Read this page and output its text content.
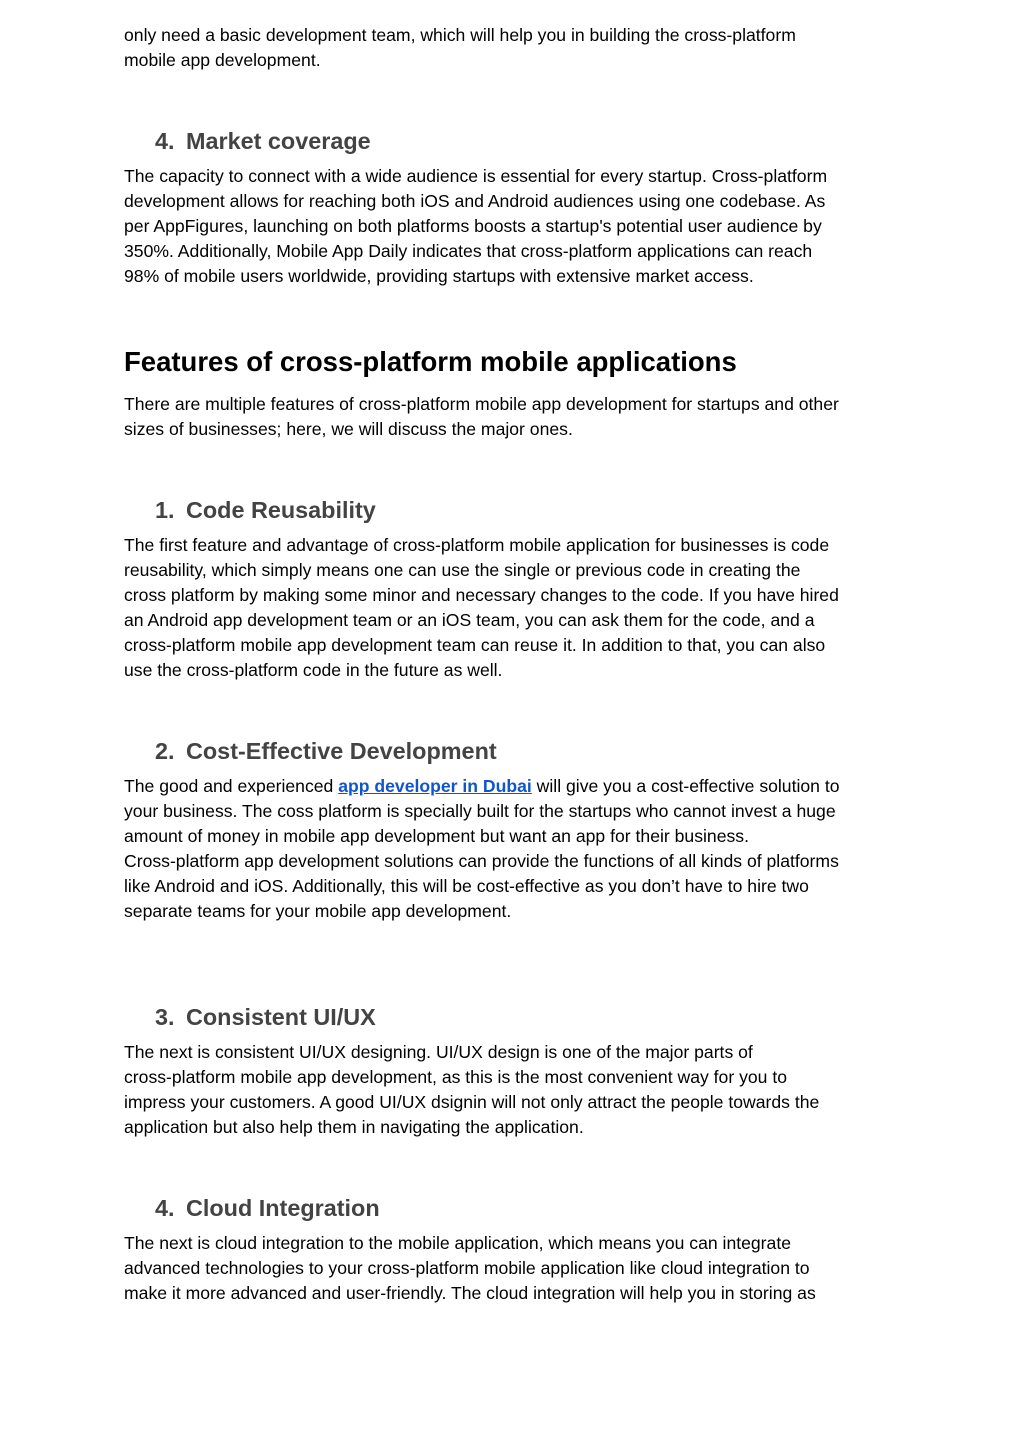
only need a basic development team, which will help you in building the cross-platform
mobile app development.

4. Market coverage

The capacity to connect with a wide audience is essential for every startup. Cross-platform
development allows for reaching both iOS and Android audiences using one codebase. As
per AppFigures, launching on both platforms boosts a startup's potential user audience by
350%. Additionally, Mobile App Daily indicates that cross-platform applications can reach
98% of mobile users worldwide, providing startups with extensive market access.

Features of cross-platform mobile applications

There are multiple features of cross-platform mobile app development for startups and other
sizes of businesses; here, we will discuss the major ones.

1. Code Reusability

The first feature and advantage of cross-platform mobile application for businesses is code
reusability, which simply means one can use the single or previous code in creating the
cross platform by making some minor and necessary changes to the code. If you have hired
an Android app development team or an iOS team, you can ask them for the code, and a
cross-platform mobile app development team can reuse it. In addition to that, you can also
use the cross-platform code in the future as well.

2. Cost-Effective Development

The good and experienced app developer in Dubai will give you a cost-effective solution to
your business. The coss platform is specially built for the startups who cannot invest a huge
amount of money in mobile app development but want an app for their business.
Cross-platform app development solutions can provide the functions of all kinds of platforms
like Android and iOS. Additionally, this will be cost-effective as you don’t have to hire two
separate teams for your mobile app development.

3. Consistent UI/UX

The next is consistent UI/UX designing. UI/UX design is one of the major parts of
cross-platform mobile app development, as this is the most convenient way for you to
impress your customers. A good UI/UX dsignin will not only attract the people towards the
application but also help them in navigating the application.

4. Cloud Integration

The next is cloud integration to the mobile application, which means you can integrate
advanced technologies to your cross-platform mobile application like cloud integration to
make it more advanced and user-friendly. The cloud integration will help you in storing as
